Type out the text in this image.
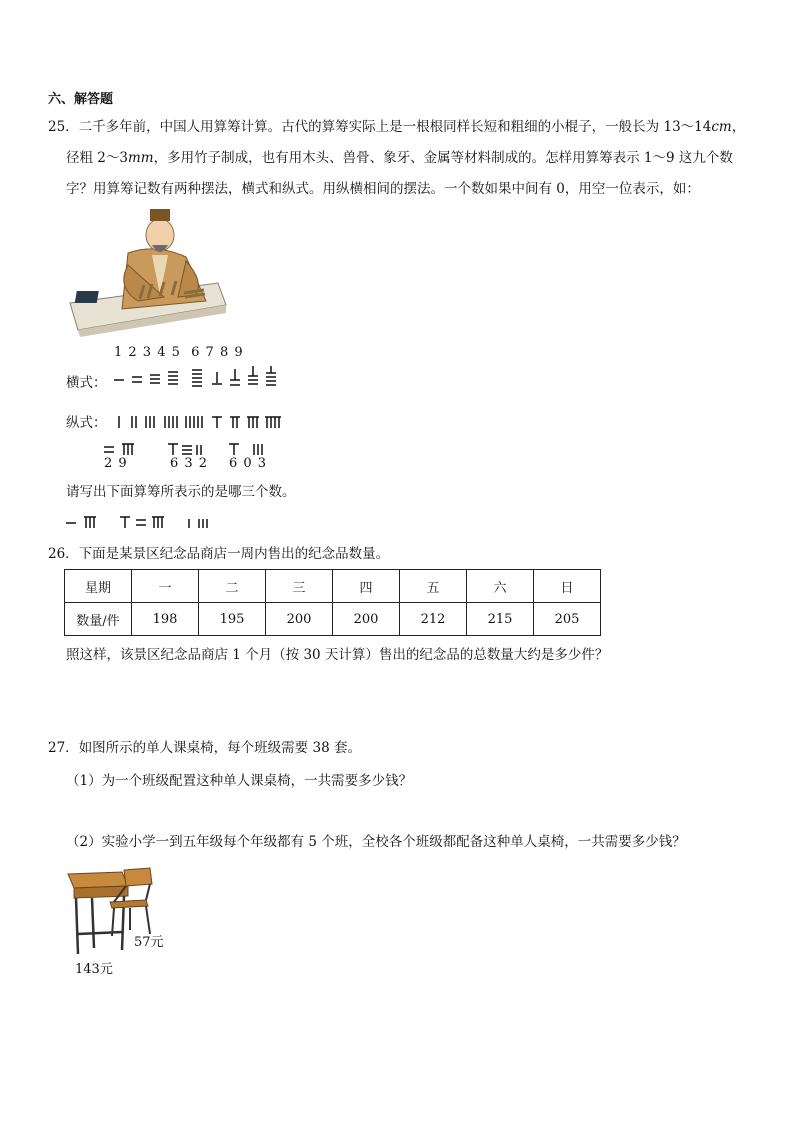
六、解答题
25．二千多年前，中国人用算筹计算。古代的算筹实际上是一根根同样长短和粗细的小棍子，一般长为 13～14cm，
径粗 2～3mm，多用竹子制成，也有用木头、兽骨、象牙、金属等材料制成的。怎样用算筹表示 1～9 这九个数
字？用算筹记数有两种摆法，横式和纵式。用纵横相间的摆法。一个数如果中间有 0，用空一位表示，如：
1 2 3 4 5  6 7 8 9
横式：
纵式：
2 9	6 3 2 6 0 3
请写出下面算筹所表示的是哪三个数。
26．下面是某景区纪念品商店一周内售出的纪念品数量。
星期	一	二	三	四	五	六	日
数量/件	198	195	200	200	212	215	205
照这样，该景区纪念品商店 1 个月（按 30 天计算）售出的纪念品的总数量大约是多少件？
27．如图所示的单人课桌椅，每个班级需要 38 套。
（1）为一个班级配置这种单人课桌椅，一共需要多少钱？
（2）实验小学一到五年级每个年级都有 5 个班，全校各个班级都配备这种单人桌椅，一共需要多少钱？
57元
143元
